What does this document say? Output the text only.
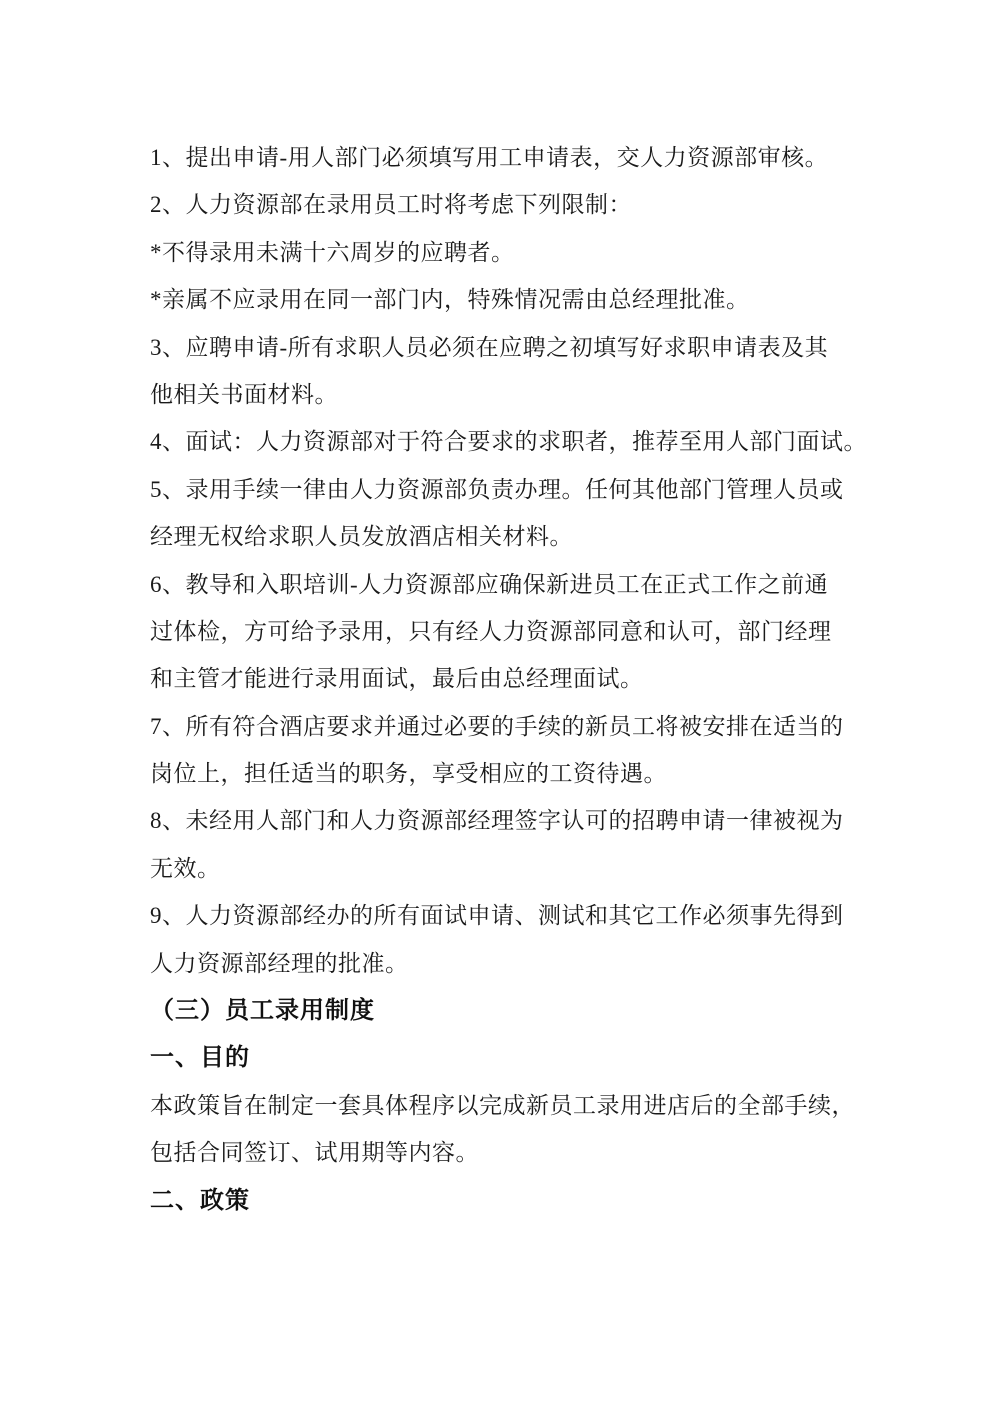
1、提出申请-用人部门必须填写用工申请表，交人力资源部审核。
2、人力资源部在录用员工时将考虑下列限制：
*不得录用未满十六周岁的应聘者。
*亲属不应录用在同一部门内，特殊情况需由总经理批准。
3、应聘申请-所有求职人员必须在应聘之初填写好求职申请表及其
他相关书面材料。
4、面试：人力资源部对于符合要求的求职者，推荐至用人部门面试。
5、录用手续一律由人力资源部负责办理。任何其他部门管理人员或
经理无权给求职人员发放酒店相关材料。
6、教导和入职培训-人力资源部应确保新进员工在正式工作之前通
过体检，方可给予录用，只有经人力资源部同意和认可，部门经理
和主管才能进行录用面试，最后由总经理面试。
7、所有符合酒店要求并通过必要的手续的新员工将被安排在适当的
岗位上，担任适当的职务，享受相应的工资待遇。
8、未经用人部门和人力资源部经理签字认可的招聘申请一律被视为
无效。
9、人力资源部经办的所有面试申请、测试和其它工作必须事先得到
人力资源部经理的批准。
（三）员工录用制度
一、目的
本政策旨在制定一套具体程序以完成新员工录用进店后的全部手续，
包括合同签订、试用期等内容。
二、政策
